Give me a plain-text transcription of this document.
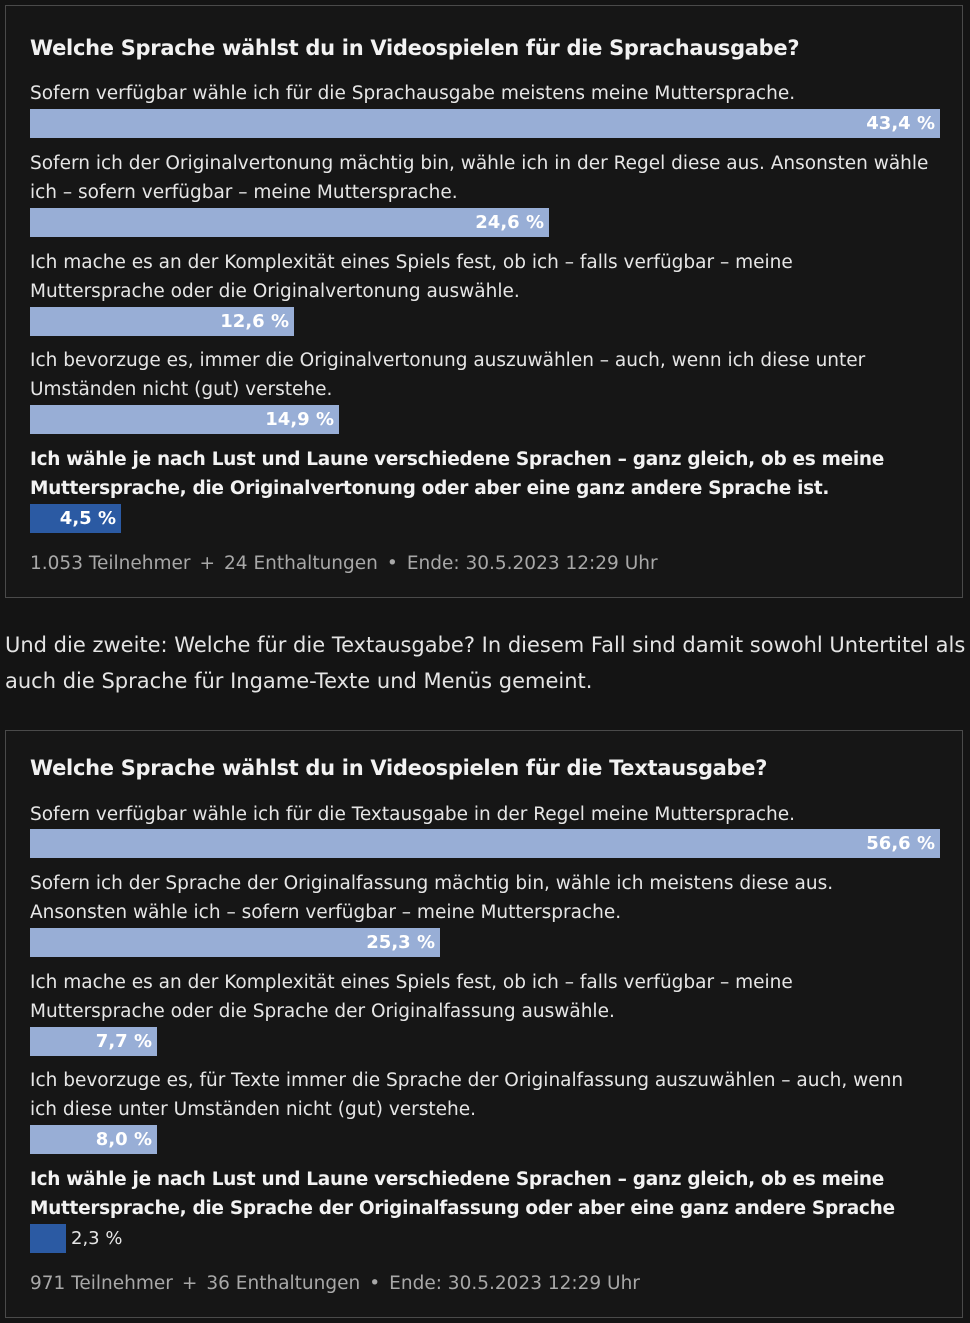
Welche Sprache wählst du in Videospielen für die Sprachausgabe?
Sofern verfügbar wähle ich für die Sprachausgabe meistens meine Muttersprache.
43,4 %
Sofern ich der Originalvertonung mächtig bin, wähle ich in der Regel diese aus. Ansonsten wähle ich – sofern verfügbar – meine Muttersprache.
24,6 %
Ich mache es an der Komplexität eines Spiels fest, ob ich – falls verfügbar – meine Muttersprache oder die Originalvertonung auswähle.
12,6 %
Ich bevorzuge es, immer die Originalvertonung auszuwählen – auch, wenn ich diese unter Umständen nicht (gut) verstehe.
14,9 %
Ich wähle je nach Lust und Laune verschiedene Sprachen – ganz gleich, ob es meine Muttersprache, die Originalvertonung oder aber eine ganz andere Sprache ist.
4,5 %
1.053 Teilnehmer + 24 Enthaltungen • Ende: 30.5.2023 12:29 Uhr
Und die zweite: Welche für die Textausgabe? In diesem Fall sind damit sowohl Untertitel als auch die Sprache für Ingame-Texte und Menüs gemeint.
Welche Sprache wählst du in Videospielen für die Textausgabe?
Sofern verfügbar wähle ich für die Textausgabe in der Regel meine Muttersprache.
56,6 %
Sofern ich der Sprache der Originalfassung mächtig bin, wähle ich meistens diese aus. Ansonsten wähle ich – sofern verfügbar – meine Muttersprache.
25,3 %
Ich mache es an der Komplexität eines Spiels fest, ob ich – falls verfügbar – meine Muttersprache oder die Sprache der Originalfassung auswähle.
7,7 %
Ich bevorzuge es, für Texte immer die Sprache der Originalfassung auszuwählen – auch, wenn ich diese unter Umständen nicht (gut) verstehe.
8,0 %
Ich wähle je nach Lust und Laune verschiedene Sprachen – ganz gleich, ob es meine Muttersprache, die Sprache der Originalfassung oder aber eine ganz andere Sprache
2,3 %
971 Teilnehmer + 36 Enthaltungen • Ende: 30.5.2023 12:29 Uhr
